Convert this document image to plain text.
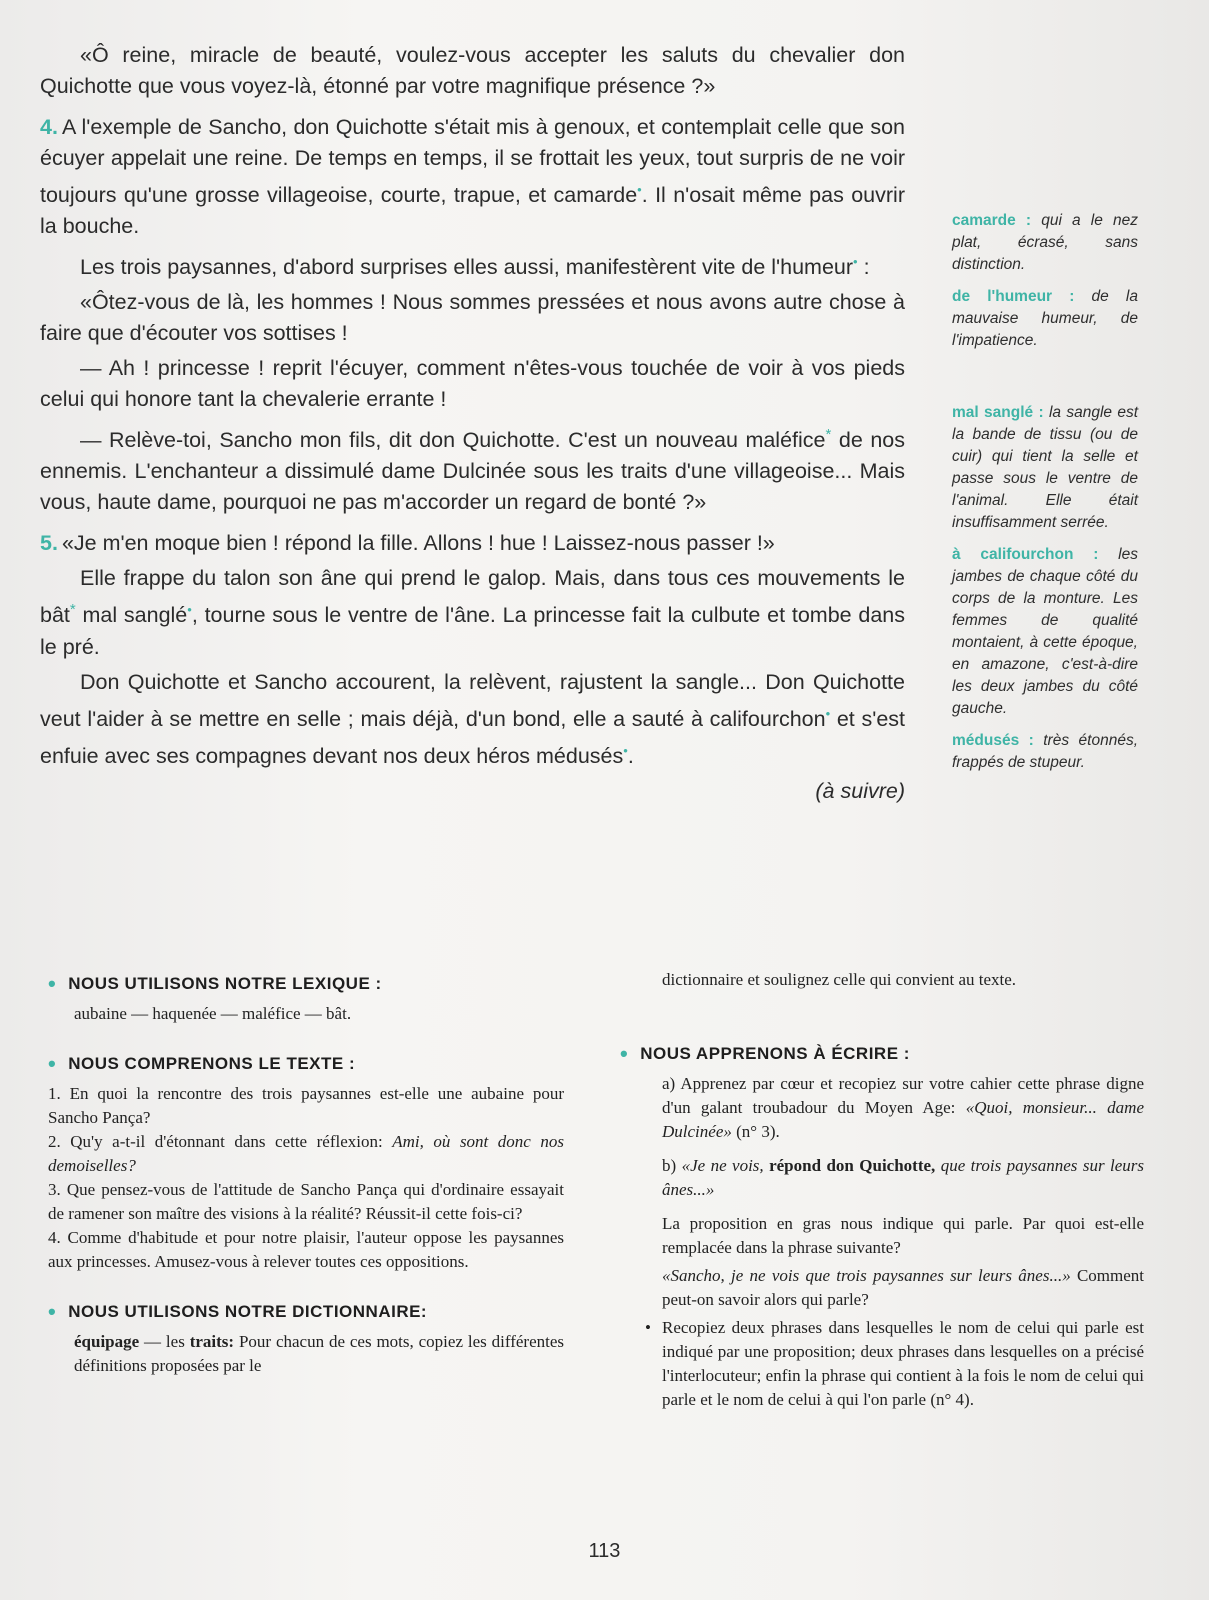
«Ô reine, miracle de beauté, voulez-vous accepter les saluts du chevalier don Quichotte que vous voyez-là, étonné par votre magnifique présence ?»

4. A l'exemple de Sancho, don Quichotte s'était mis à genoux, et contemplait celle que son écuyer appelait une reine. De temps en temps, il se frottait les yeux, tout surpris de ne voir toujours qu'une grosse villageoise, courte, trapue, et camarde•. Il n'osait même pas ouvrir la bouche.

Les trois paysannes, d'abord surprises elles aussi, manifestèrent vite de l'humeur• :

«Ôtez-vous de là, les hommes ! Nous sommes pressées et nous avons autre chose à faire que d'écouter vos sottises !

— Ah ! princesse ! reprit l'écuyer, comment n'êtes-vous touchée de voir à vos pieds celui qui honore tant la chevalerie errante !

— Relève-toi, Sancho mon fils, dit don Quichotte. C'est un nouveau maléfice* de nos ennemis. L'enchanteur a dissimulé dame Dulcinée sous les traits d'une villageoise... Mais vous, haute dame, pourquoi ne pas m'accorder un regard de bonté ?»

5. «Je m'en moque bien ! répond la fille. Allons ! hue ! Laissez-nous passer !»

Elle frappe du talon son âne qui prend le galop. Mais, dans tous ces mouvements le bât* mal sanglé•, tourne sous le ventre de l'âne. La princesse fait la culbute et tombe dans le pré.

Don Quichotte et Sancho accourent, la relèvent, rajustent la sangle... Don Quichotte veut l'aider à se mettre en selle ; mais déjà, d'un bond, elle a sauté à califourchon• et s'est enfuie avec ses compagnes devant nos deux héros médusés•.

(à suivre)

camarde : qui a le nez plat, écrasé, sans distinction.
de l'humeur : de la mauvaise humeur, de l'impatience.
mal sanglé : la sangle est la bande de tissu (ou de cuir) qui tient la selle et passe sous le ventre de l'animal. Elle était insuffisamment serrée.
à califourchon : les jambes de chaque côté du corps de la monture. Les femmes de qualité montaient, à cette époque, en amazone, c'est-à-dire les deux jambes du côté gauche.
médusés : très étonnés, frappés de stupeur.
• NOUS UTILISONS NOTRE LEXIQUE :

aubaine — haquenée — maléfice — bât.

• NOUS COMPRENONS LE TEXTE :

1. En quoi la rencontre des trois paysannes est-elle une aubaine pour Sancho Pança?

2. Qu'y a-t-il d'étonnant dans cette réflexion: Ami, où sont donc nos demoiselles?

3. Que pensez-vous de l'attitude de Sancho Pança qui d'ordinaire essayait de ramener son maître des visions à la réalité? Réussit-il cette fois-ci?

4. Comme d'habitude et pour notre plaisir, l'auteur oppose les paysannes aux princesses. Amusez-vous à relever toutes ces oppositions.

• NOUS UTILISONS NOTRE DICTIONNAIRE:

équipage — les traits: Pour chacun de ces mots, copiez les différentes définitions proposées par le

dictionnaire et soulignez celle qui convient au texte.

• NOUS APPRENONS À ÉCRIRE :

a) Apprenez par cœur et recopiez sur votre cahier cette phrase digne d'un galant troubadour du Moyen Age: «Quoi, monsieur... dame Dulcinée» (n° 3).

b) «Je ne vois, répond don Quichotte, que trois paysannes sur leurs ânes...»

La proposition en gras nous indique qui parle. Par quoi est-elle remplacée dans la phrase suivante?

«Sancho, je ne vois que trois paysannes sur leurs ânes...» Comment peut-on savoir alors qui parle?

• Recopiez deux phrases dans lesquelles le nom de celui qui parle est indiqué par une proposition; deux phrases dans lesquelles on a précisé l'interlocuteur; enfin la phrase qui contient à la fois le nom de celui qui parle et le nom de celui à qui l'on parle (n° 4).
113
